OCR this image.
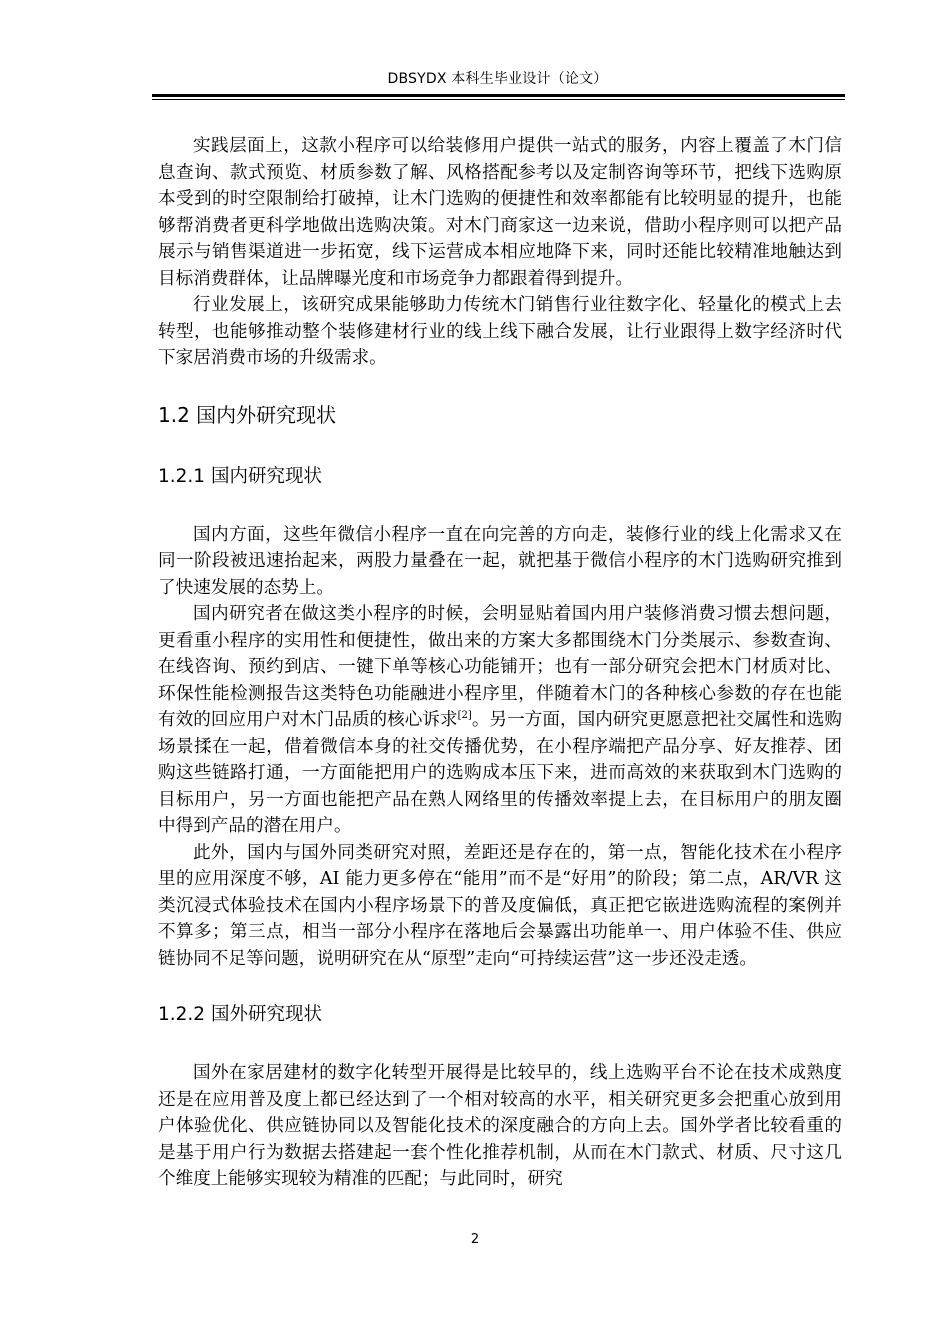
DBSYDX 本科生毕业设计（论文）

实践层面上，这款小程序可以给装修用户提供一站式的服务，内容上覆盖了木门信息查询、款式预览、材质参数了解、风格搭配参考以及定制咨询等环节，把线下选购原本受到的时空限制给打破掉，让木门选购的便捷性和效率都能有比较明显的提升，也能够帮消费者更科学地做出选购决策。对木门商家这一边来说，借助小程序则可以把产品展示与销售渠道进一步拓宽，线下运营成本相应地降下来，同时还能比较精准地触达到目标消费群体，让品牌曝光度和市场竞争力都跟着得到提升。

行业发展上，该研究成果能够助力传统木门销售行业往数字化、轻量化的模式上去转型，也能够推动整个装修建材行业的线上线下融合发展，让行业跟得上数字经济时代下家居消费市场的升级需求。

1.2 国内外研究现状
1.2.1 国内研究现状

国内方面，这些年微信小程序一直在向完善的方向走，装修行业的线上化需求又在同一阶段被迅速抬起来，两股力量叠在一起，就把基于微信小程序的木门选购研究推到了快速发展的态势上。

国内研究者在做这类小程序的时候，会明显贴着国内用户装修消费习惯去想问题，更看重小程序的实用性和便捷性，做出来的方案大多都围绕木门分类展示、参数查询、在线咨询、预约到店、一键下单等核心功能铺开；也有一部分研究会把木门材质对比、环保性能检测报告这类特色功能融进小程序里，伴随着木门的各种核心参数的存在也能有效的回应用户对木门品质的核心诉求[2]。另一方面，国内研究更愿意把社交属性和选购场景揉在一起，借着微信本身的社交传播优势，在小程序端把产品分享、好友推荐、团购这些链路打通，一方面能把用户的选购成本压下来，进而高效的来获取到木门选购的目标用户，另一方面也能把产品在熟人网络里的传播效率提上去，在目标用户的朋友圈中得到产品的潜在用户。

此外，国内与国外同类研究对照，差距还是存在的，第一点，智能化技术在小程序里的应用深度不够，AI 能力更多停在“能用”而不是“好用”的阶段；第二点，AR/VR 这类沉浸式体验技术在国内小程序场景下的普及度偏低，真正把它嵌进选购流程的案例并不算多；第三点，相当一部分小程序在落地后会暴露出功能单一、用户体验不佳、供应链协同不足等问题，说明研究在从“原型”走向“可持续运营”这一步还没走透。

1.2.2 国外研究现状

国外在家居建材的数字化转型开展得是比较早的，线上选购平台不论在技术成熟度还是在应用普及度上都已经达到了一个相对较高的水平，相关研究更多会把重心放到用户体验优化、供应链协同以及智能化技术的深度融合的方向上去。国外学者比较看重的是基于用户行为数据去搭建起一套个性化推荐机制，从而在木门款式、材质、尺寸这几个维度上能够实现较为精准的匹配；与此同时，研究

2
